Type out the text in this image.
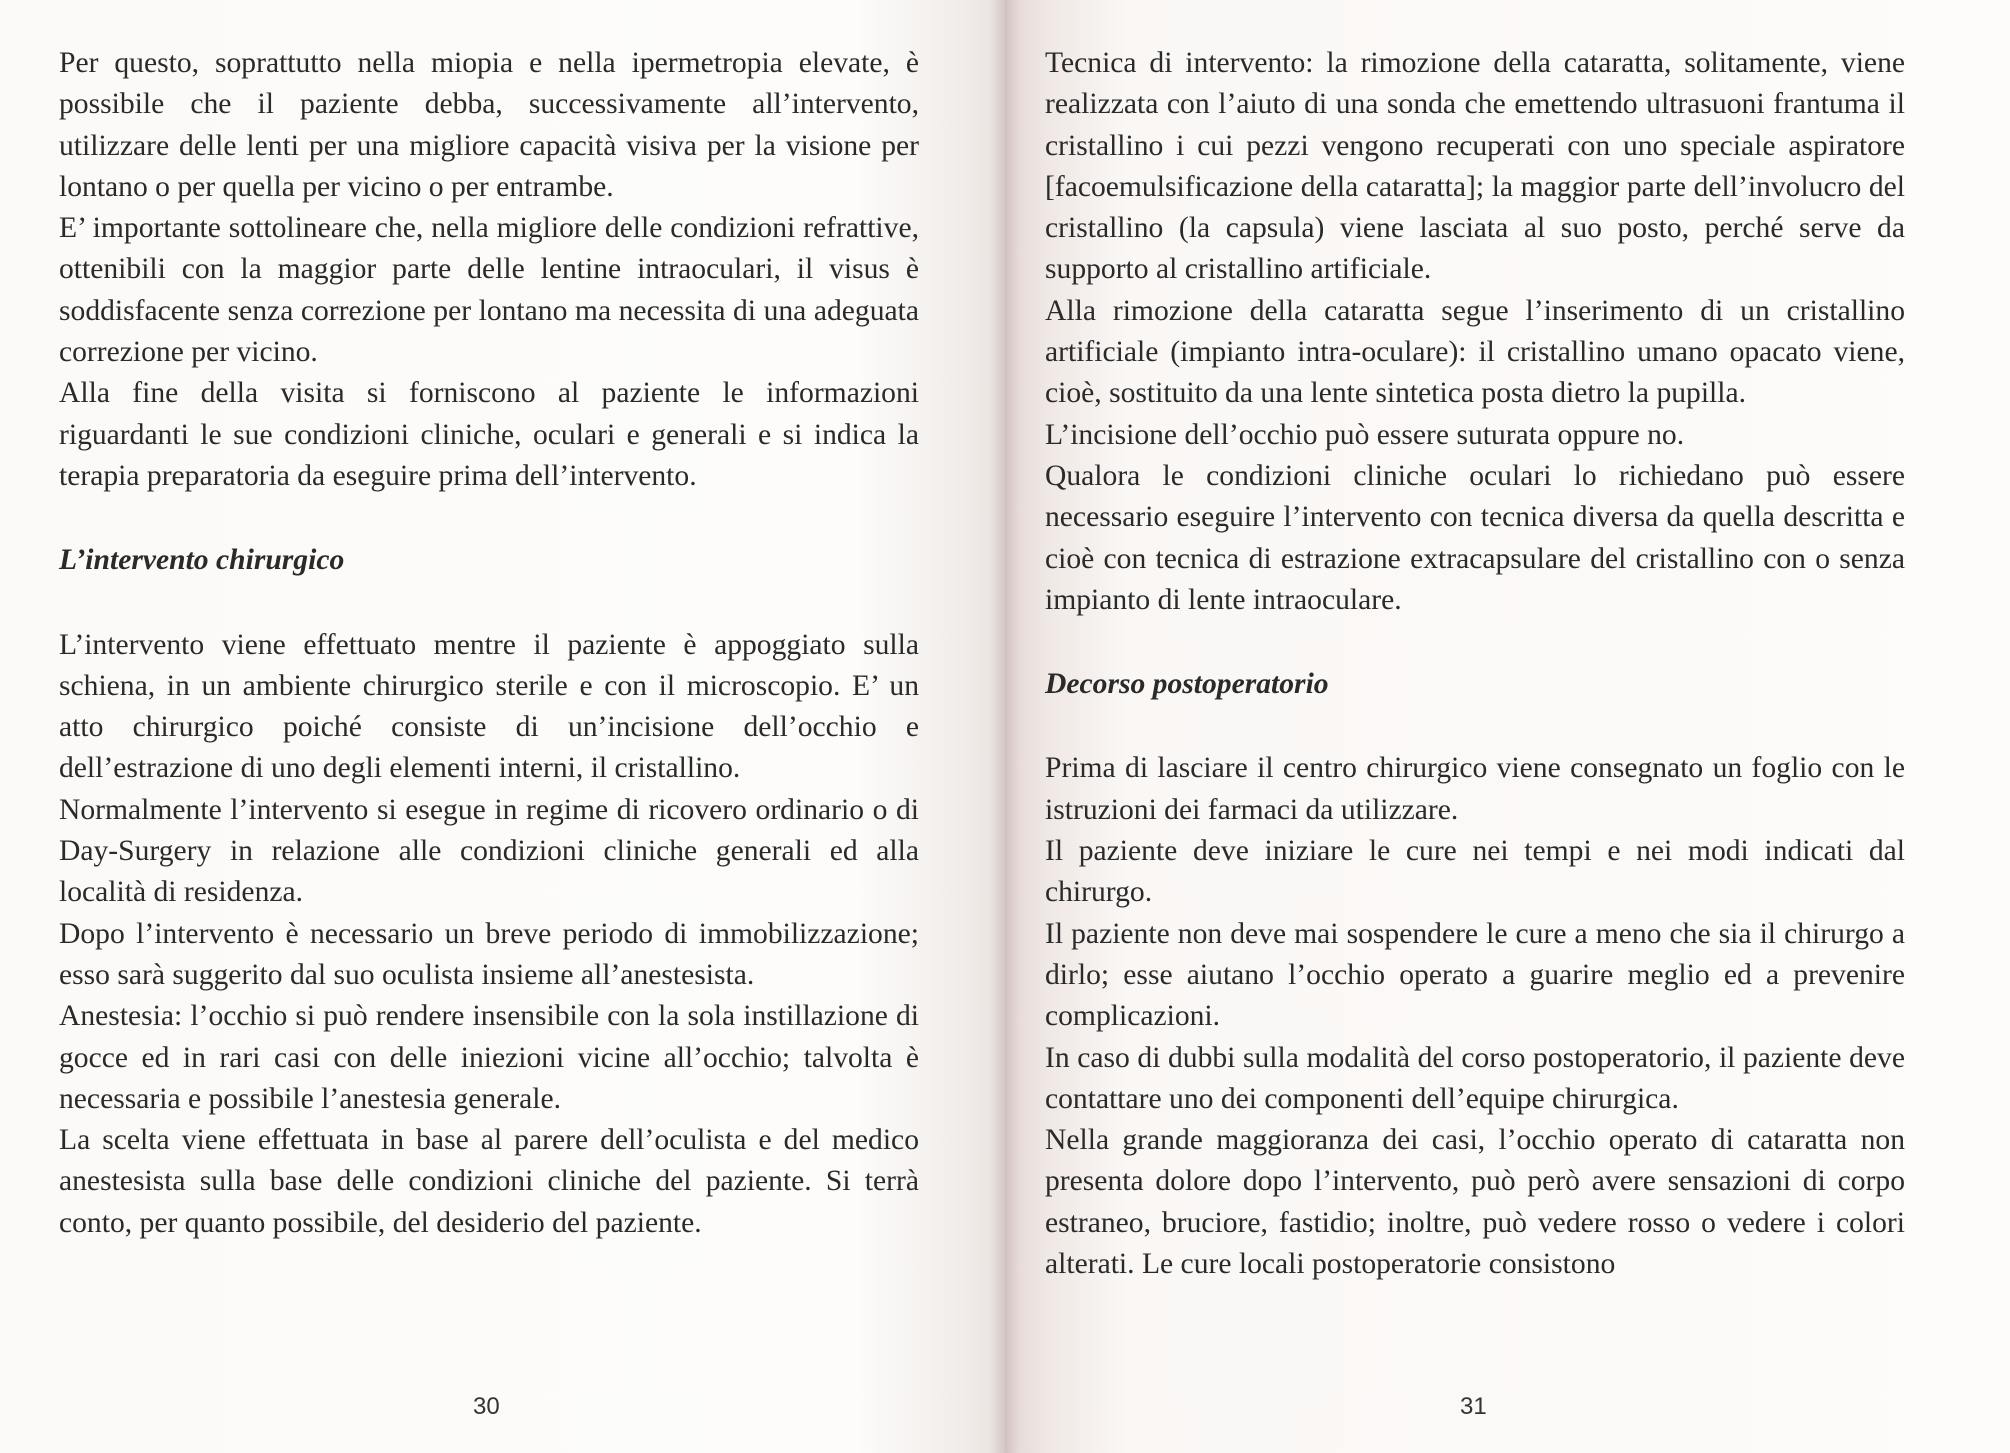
Per questo, soprattutto nella miopia e nella ipermetropia elevate, è possibile che il paziente debba, successivamente all’intervento, utilizzare delle lenti per una migliore capacità visiva per la visione per lontano o per quella per vicino o per entrambe.

E’ importante sottolineare che, nella migliore delle condizioni refrattive, ottenibili con la maggior parte delle lentine intraoculari, il visus è soddisfacente senza correzione per lontano ma necessita di una adeguata correzione per vicino.

Alla fine della visita si forniscono al paziente le informazioni riguardanti le sue condizioni cliniche, oculari e generali e si indica la terapia preparatoria da eseguire prima dell’intervento.

L’intervento chirurgico

L’intervento viene effettuato mentre il paziente è appoggiato sulla schiena, in un ambiente chirurgico sterile e con il microscopio. E’ un atto chirurgico poiché consiste di un’incisione dell’occhio e dell’estrazione di uno degli elementi interni, il cristallino.

Normalmente l’intervento si esegue in regime di ricovero ordinario o di Day-Surgery in relazione alle condizioni cliniche generali ed alla località di residenza.

Dopo l’intervento è necessario un breve periodo di immobilizzazione; esso sarà suggerito dal suo oculista insieme all’anestesista.

Anestesia: l’occhio si può rendere insensibile con la sola instillazione di gocce ed in rari casi con delle iniezioni vicine all’occhio; talvolta è necessaria e possibile l’anestesia generale.

La scelta viene effettuata in base al parere dell’oculista e del medico anestesista sulla base delle condizioni cliniche del paziente. Si terrà conto, per quanto possibile, del desiderio del paziente.

30

Tecnica di intervento: la rimozione della cataratta, solitamente, viene realizzata con l’aiuto di una sonda che emettendo ultrasuoni frantuma il cristallino i cui pezzi vengono recuperati con uno speciale aspiratore [facoemulsificazione della cataratta]; la maggior parte dell’involucro del cristallino (la capsula) viene lasciata al suo posto, perché serve da supporto al cristallino artificiale.

Alla rimozione della cataratta segue l’inserimento di un cristallino artificiale (impianto intra-oculare): il cristallino umano opacato viene, cioè, sostituito da una lente sintetica posta dietro la pupilla.

L’incisione dell’occhio può essere suturata oppure no.

Qualora le condizioni cliniche oculari lo richiedano può essere necessario eseguire l’intervento con tecnica diversa da quella descritta e cioè con tecnica di estrazione extracapsulare del cristallino con o senza impianto di lente intraoculare.

Decorso postoperatorio

Prima di lasciare il centro chirurgico viene consegnato un foglio con le istruzioni dei farmaci da utilizzare.

Il paziente deve iniziare le cure nei tempi e nei modi indicati dal chirurgo.

Il paziente non deve mai sospendere le cure a meno che sia il chirurgo a dirlo; esse aiutano l’occhio operato a guarire meglio ed a prevenire complicazioni.

In caso di dubbi sulla modalità del corso postoperatorio, il paziente deve contattare uno dei componenti dell’equipe chirurgica.

Nella grande maggioranza dei casi, l’occhio operato di cataratta non presenta dolore dopo l’intervento, può però avere sensazioni di corpo estraneo, bruciore, fastidio; inoltre, può vedere rosso o vedere i colori alterati. Le cure locali postoperatorie consistono

31
